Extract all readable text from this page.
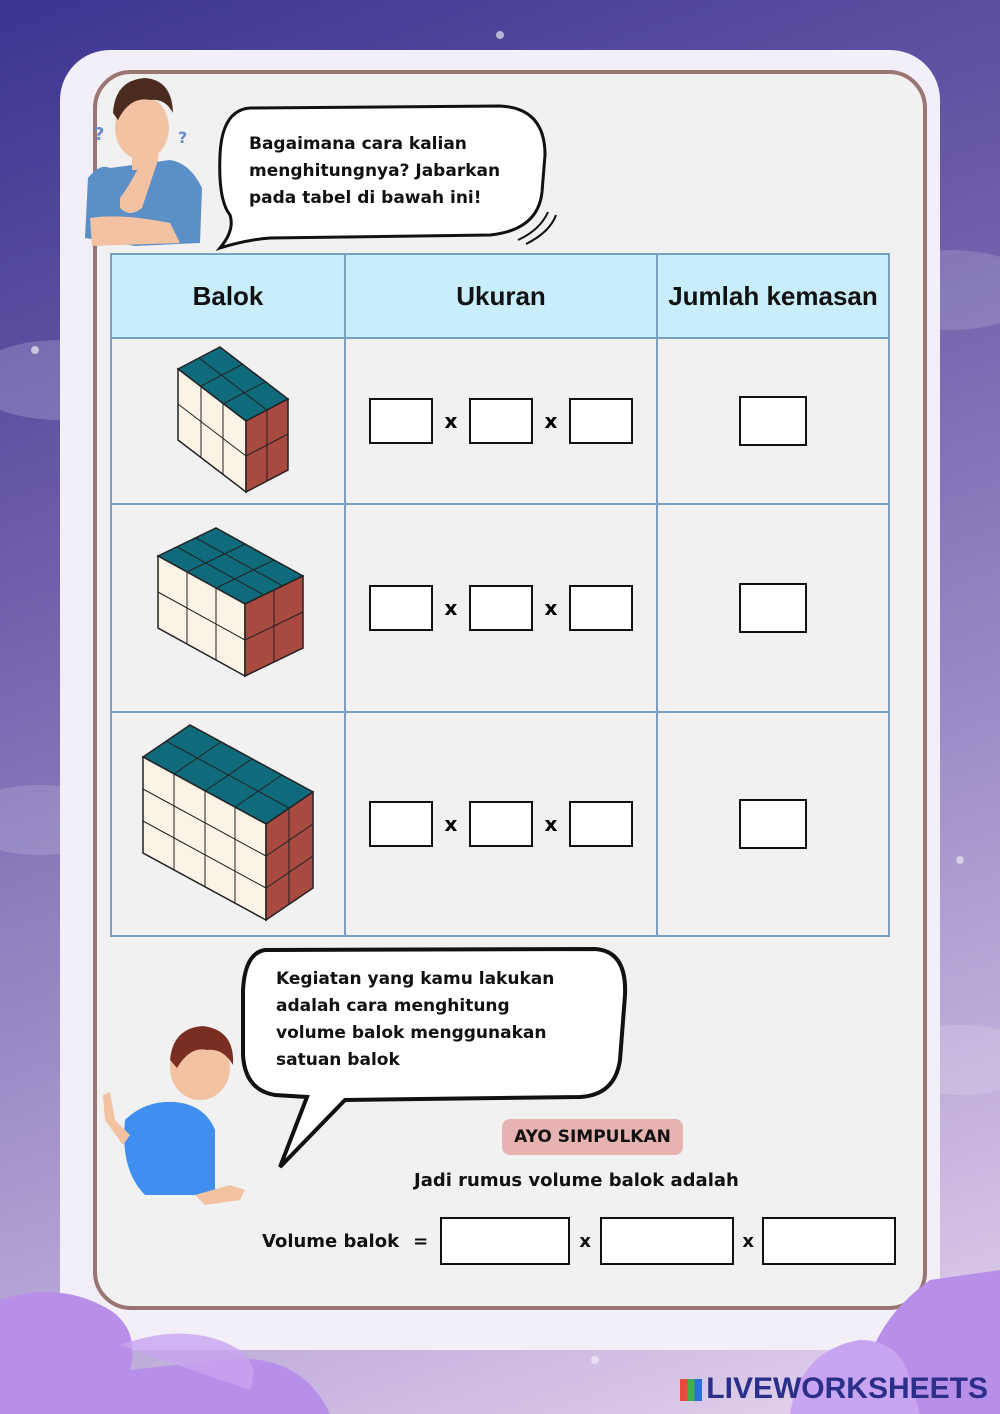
?	?	Bagaimana cara kalian
menghitungnya? Jabarkan
pada tabel di bawah ini!
Balok	Ukuran	Jumlah kemasan
	x x	
	x x	
	x x	
Kegiatan yang kamu lakukan
adalah cara menghitung
volume balok menggunakan
satuan balok
AYO SIMPULKAN
Jadi rumus volume balok adalah
Volume balok =	x	x
LIVEWORKSHEETS
